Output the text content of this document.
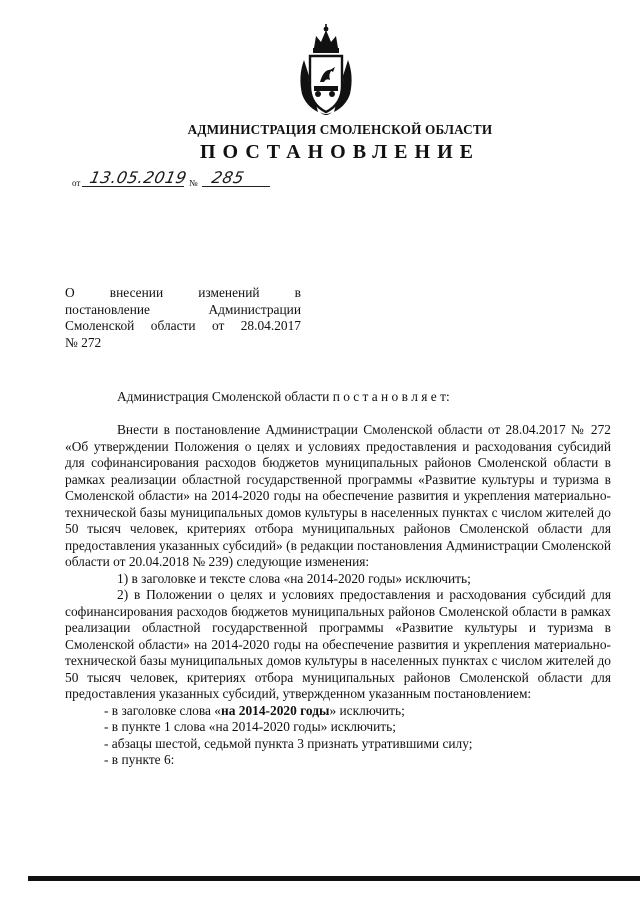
АДМИНИСТРАЦИЯ СМОЛЕНСКОЙ ОБЛАСТИ
ПОСТАНОВЛЕНИЕ
от 13.05.2019 № 285
О внесении изменений в
постановление Администрации
Смоленской области от 28.04.2017
№ 272
Администрация Смоленской области п о с т а н о в л я е т:

Внести в постановление Администрации Смоленской области от 28.04.2017 № 272 «Об утверждении Положения о целях и условиях предоставления и расходования субсидий для софинансирования расходов бюджетов муниципальных районов Смоленской области в рамках реализации областной государственной программы «Развитие культуры и туризма в Смоленской области» на 2014-2020 годы на обеспечение развития и укрепления материально-технической базы муниципальных домов культуры в населенных пунктах с числом жителей до 50 тысяч человек, критериях отбора муниципальных районов Смоленской области для предоставления указанных субсидий» (в редакции постановления Администрации Смоленской области от 20.04.2018 № 239) следующие изменения:

1) в заголовке и тексте слова «на 2014-2020 годы» исключить;

2) в Положении о целях и условиях предоставления и расходования субсидий для софинансирования расходов бюджетов муниципальных районов Смоленской области в рамках реализации областной государственной программы «Развитие культуры и туризма в Смоленской области» на 2014-2020 годы на обеспечение развития и укрепления материально-технической базы муниципальных домов культуры в населенных пунктах с числом жителей до 50 тысяч человек, критериях отбора муниципальных районов Смоленской области для предоставления указанных субсидий, утвержденном указанным постановлением:

- в заголовке слова «на 2014-2020 годы» исключить;

- в пункте 1 слова «на 2014-2020 годы» исключить;

- абзацы шестой, седьмой пункта 3 признать утратившими силу;

- в пункте 6:
